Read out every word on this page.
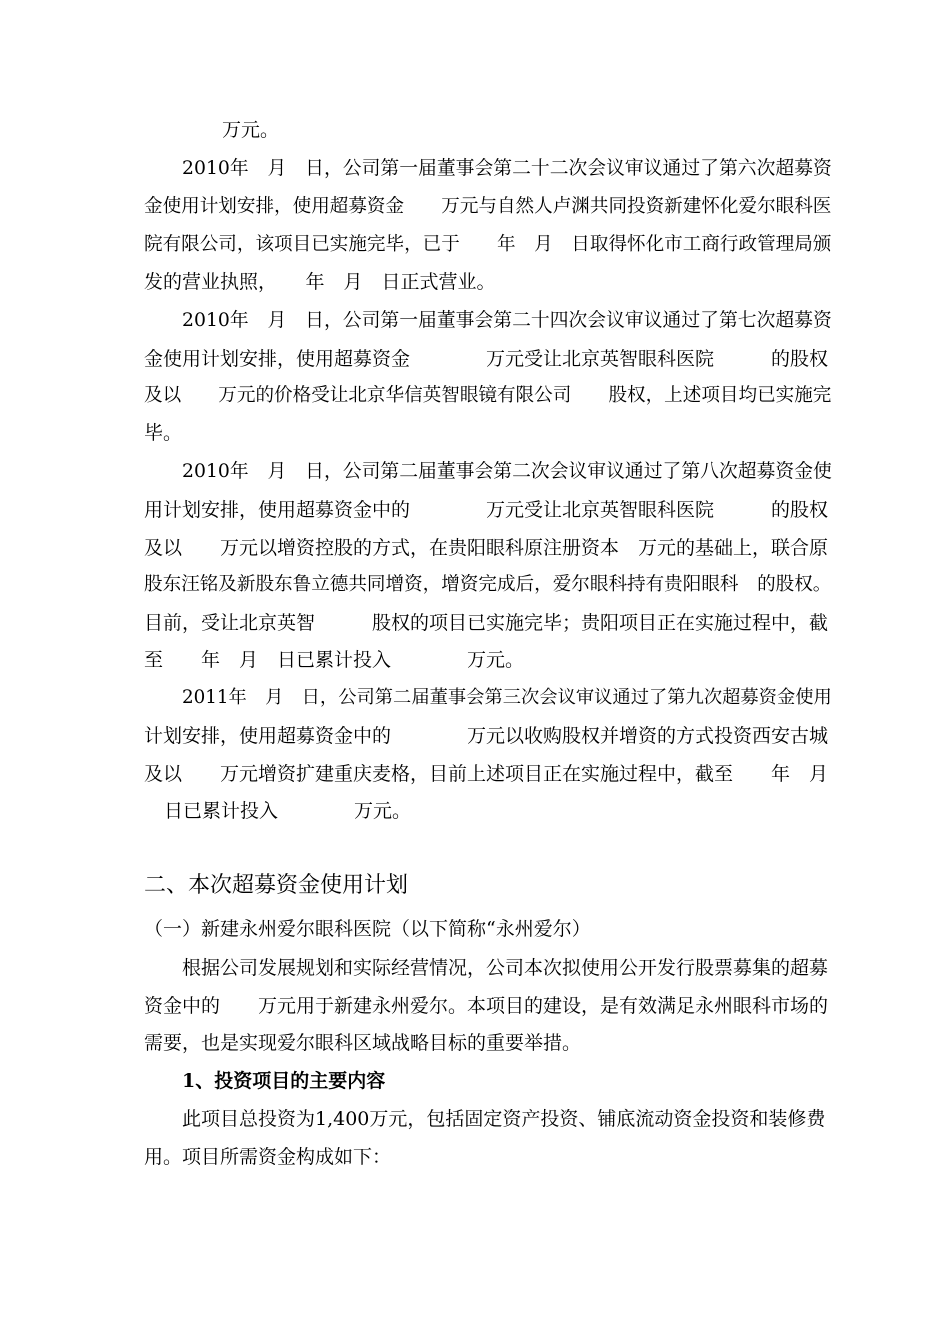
万元。
2010年　月　日，公司第一届董事会第二十二次会议审议通过了第六次超募资
金使用计划安排，使用超募资金　　万元与自然人卢渊共同投资新建怀化爱尔眼科医
院有限公司，该项目已实施完毕，已于　　年　月　日取得怀化市工商行政管理局颁
发的营业执照，　　年　月　日正式营业。
2010年　月　日，公司第一届董事会第二十四次会议审议通过了第七次超募资
金使用计划安排，使用超募资金　　　　万元受让北京英智眼科医院　　　的股权
及以　　万元的价格受让北京华信英智眼镜有限公司　　股权，上述项目均已实施完
毕。
2010年　月　日，公司第二届董事会第二次会议审议通过了第八次超募资金使
用计划安排，使用超募资金中的　　　　万元受让北京英智眼科医院　　　的股权
及以　　万元以增资控股的方式，在贵阳眼科原注册资本　万元的基础上，联合原
股东汪铭及新股东鲁立德共同增资，增资完成后，爱尔眼科持有贵阳眼科　的股权。
目前，受让北京英智　　　股权的项目已实施完毕；贵阳项目正在实施过程中，截
至　　年　月　日已累计投入　　　　万元。
2011年　月　日，公司第二届董事会第三次会议审议通过了第九次超募资金使用
计划安排，使用超募资金中的　　　　万元以收购股权并增资的方式投资西安古城
及以　　万元增资扩建重庆麦格，目前上述项目正在实施过程中，截至　　年　月
日已累计投入　　　　万元。
二、本次超募资金使用计划
（一）新建永州爱尔眼科医院（以下简称“永州爱尔）
根据公司发展规划和实际经营情况，公司本次拟使用公开发行股票募集的超募
资金中的　　万元用于新建永州爱尔。本项目的建设，是有效满足永州眼科市场的
需要，也是实现爱尔眼科区域战略目标的重要举措。
1、投资项目的主要内容
此项目总投资为1,400万元，包括固定资产投资、铺底流动资金投资和装修费
用。项目所需资金构成如下：
